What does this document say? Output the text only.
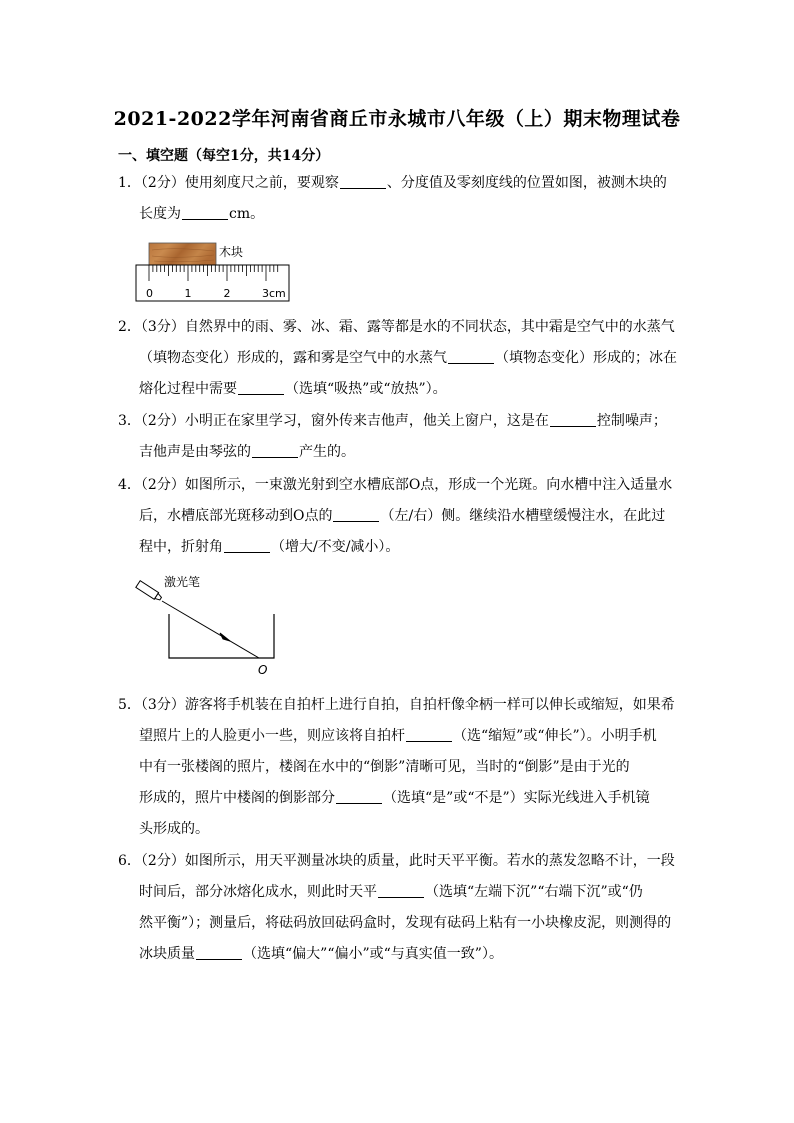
2021-2022学年河南省商丘市永城市八年级（上）期末物理试卷
一、填空题（每空1分，共14分）
1．（2分）使用刻度尺之前，要观察	、分度值及零刻度线的位置如图，被测木块的
长度为	cm。
木块
0	1	2	3cm
2．（3分）自然界中的雨、雾、冰、霜、露等都是水的不同状态，其中霜是空气中的水蒸气
（填物态变化）形成的，露和雾是空气中的水蒸气	（填物态变化）形成的；冰在
熔化过程中需要	（选填“吸热”或“放热”）。
3．（2分）小明正在家里学习，窗外传来吉他声，他关上窗户，这是在	控制噪声；
吉他声是由琴弦的	产生的。
4．（2分）如图所示，一束激光射到空水槽底部O点，形成一个光斑。向水槽中注入适量水
后，水槽底部光斑移动到O点的	（左/右）侧。继续沿水槽壁缓慢注水，在此过
程中，折射角	（增大/不变/减小）。
激光笔
O
5．（3分）游客将手机装在自拍杆上进行自拍，自拍杆像伞柄一样可以伸长或缩短，如果希
望照片上的人脸更小一些，则应该将自拍杆	（选“缩短”或“伸长”）。小明手机
中有一张楼阁的照片，楼阁在水中的“倒影”清晰可见，当时的“倒影”是由于光的
形成的，照片中楼阁的倒影部分	（选填“是”或“不是”）实际光线进入手机镜
头形成的。
6．（2分）如图所示，用天平测量冰块的质量，此时天平平衡。若水的蒸发忽略不计，一段
时间后，部分冰熔化成水，则此时天平	（选填“左端下沉”“右端下沉”或“仍
然平衡”）；测量后，将砝码放回砝码盒时，发现有砝码上粘有一小块橡皮泥，则测得的
冰块质量	（选填“偏大”“偏小”或“与真实值一致”）。
